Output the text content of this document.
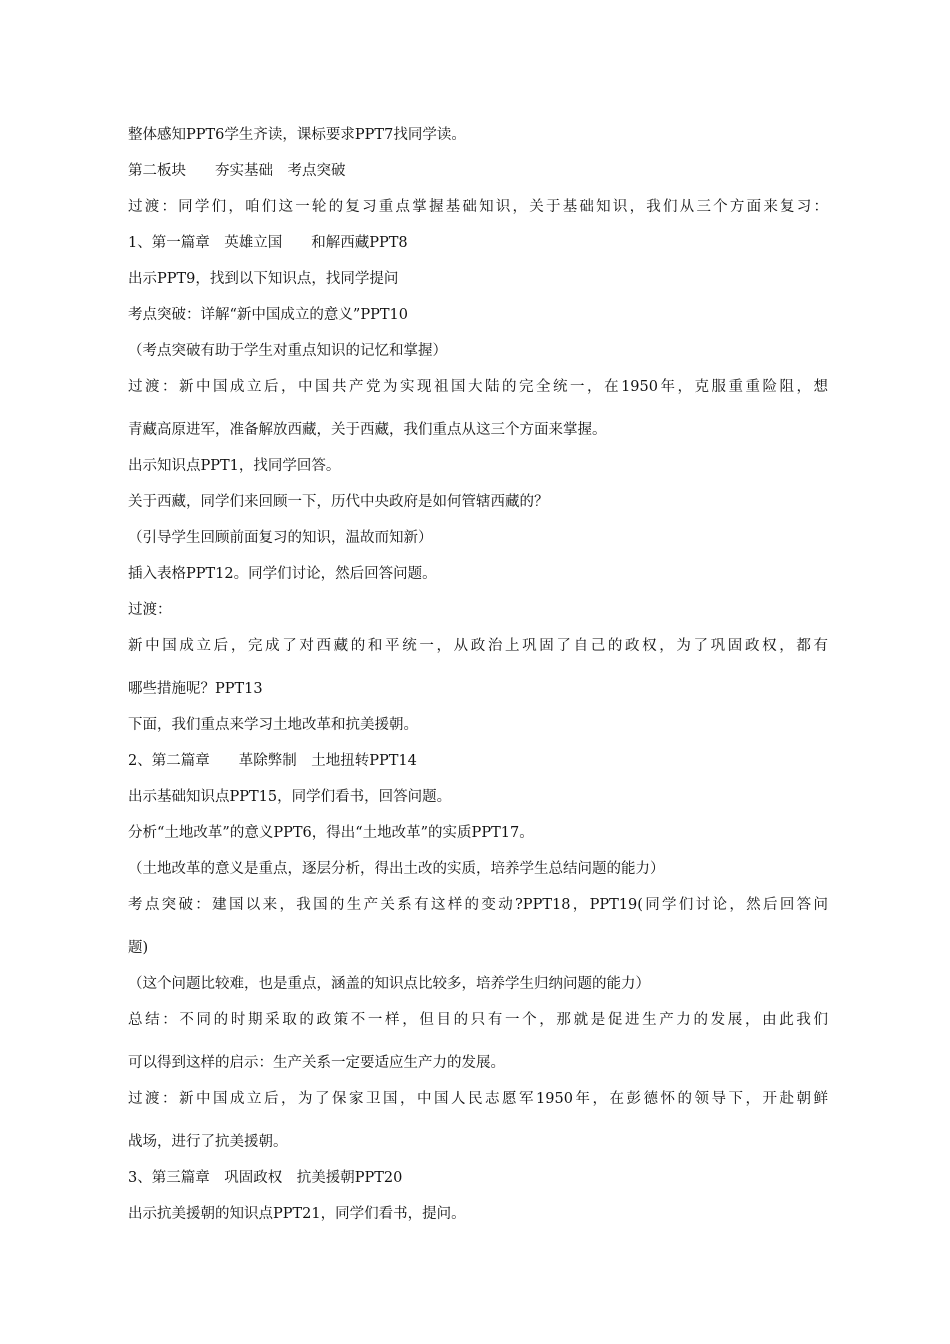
整体感知PPT6学生齐读，课标要求PPT7找同学读。

第二板块　　夯实基础　考点突破

过渡：同学们，咱们这一轮的复习重点掌握基础知识，关于基础知识，我们从三个方面来复习：

1、第一篇章　英雄立国　　和解西藏PPT8

出示PPT9，找到以下知识点，找同学提问

考点突破：详解“新中国成立的意义”PPT10

（考点突破有助于学生对重点知识的记忆和掌握）

过渡：新中国成立后，中国共产党为实现祖国大陆的完全统一，在1950年，克服重重险阻，想

青藏高原进军，准备解放西藏，关于西藏，我们重点从这三个方面来掌握。

出示知识点PPT1，找同学回答。

关于西藏，同学们来回顾一下，历代中央政府是如何管辖西藏的？

（引导学生回顾前面复习的知识，温故而知新）

插入表格PPT12。同学们讨论，然后回答问题。

过渡：

新中国成立后，完成了对西藏的和平统一，从政治上巩固了自己的政权，为了巩固政权，都有

哪些措施呢？PPT13

下面，我们重点来学习土地改革和抗美援朝。

2、第二篇章　　革除弊制　土地扭转PPT14

出示基础知识点PPT15，同学们看书，回答问题。

分析“土地改革”的意义PPT6，得出“土地改革”的实质PPT17。

（土地改革的意义是重点，逐层分析，得出土改的实质，培养学生总结问题的能力）

考点突破：建国以来，我国的生产关系有这样的变动?PPT18，PPT19(同学们讨论，然后回答问

题)

（这个问题比较难，也是重点，涵盖的知识点比较多，培养学生归纳问题的能力）

总结：不同的时期采取的政策不一样，但目的只有一个，那就是促进生产力的发展，由此我们

可以得到这样的启示：生产关系一定要适应生产力的发展。

过渡：新中国成立后，为了保家卫国，中国人民志愿军1950年，在彭德怀的领导下，开赴朝鲜

战场，进行了抗美援朝。

3、第三篇章　巩固政权　抗美援朝PPT20

出示抗美援朝的知识点PPT21，同学们看书，提问。
